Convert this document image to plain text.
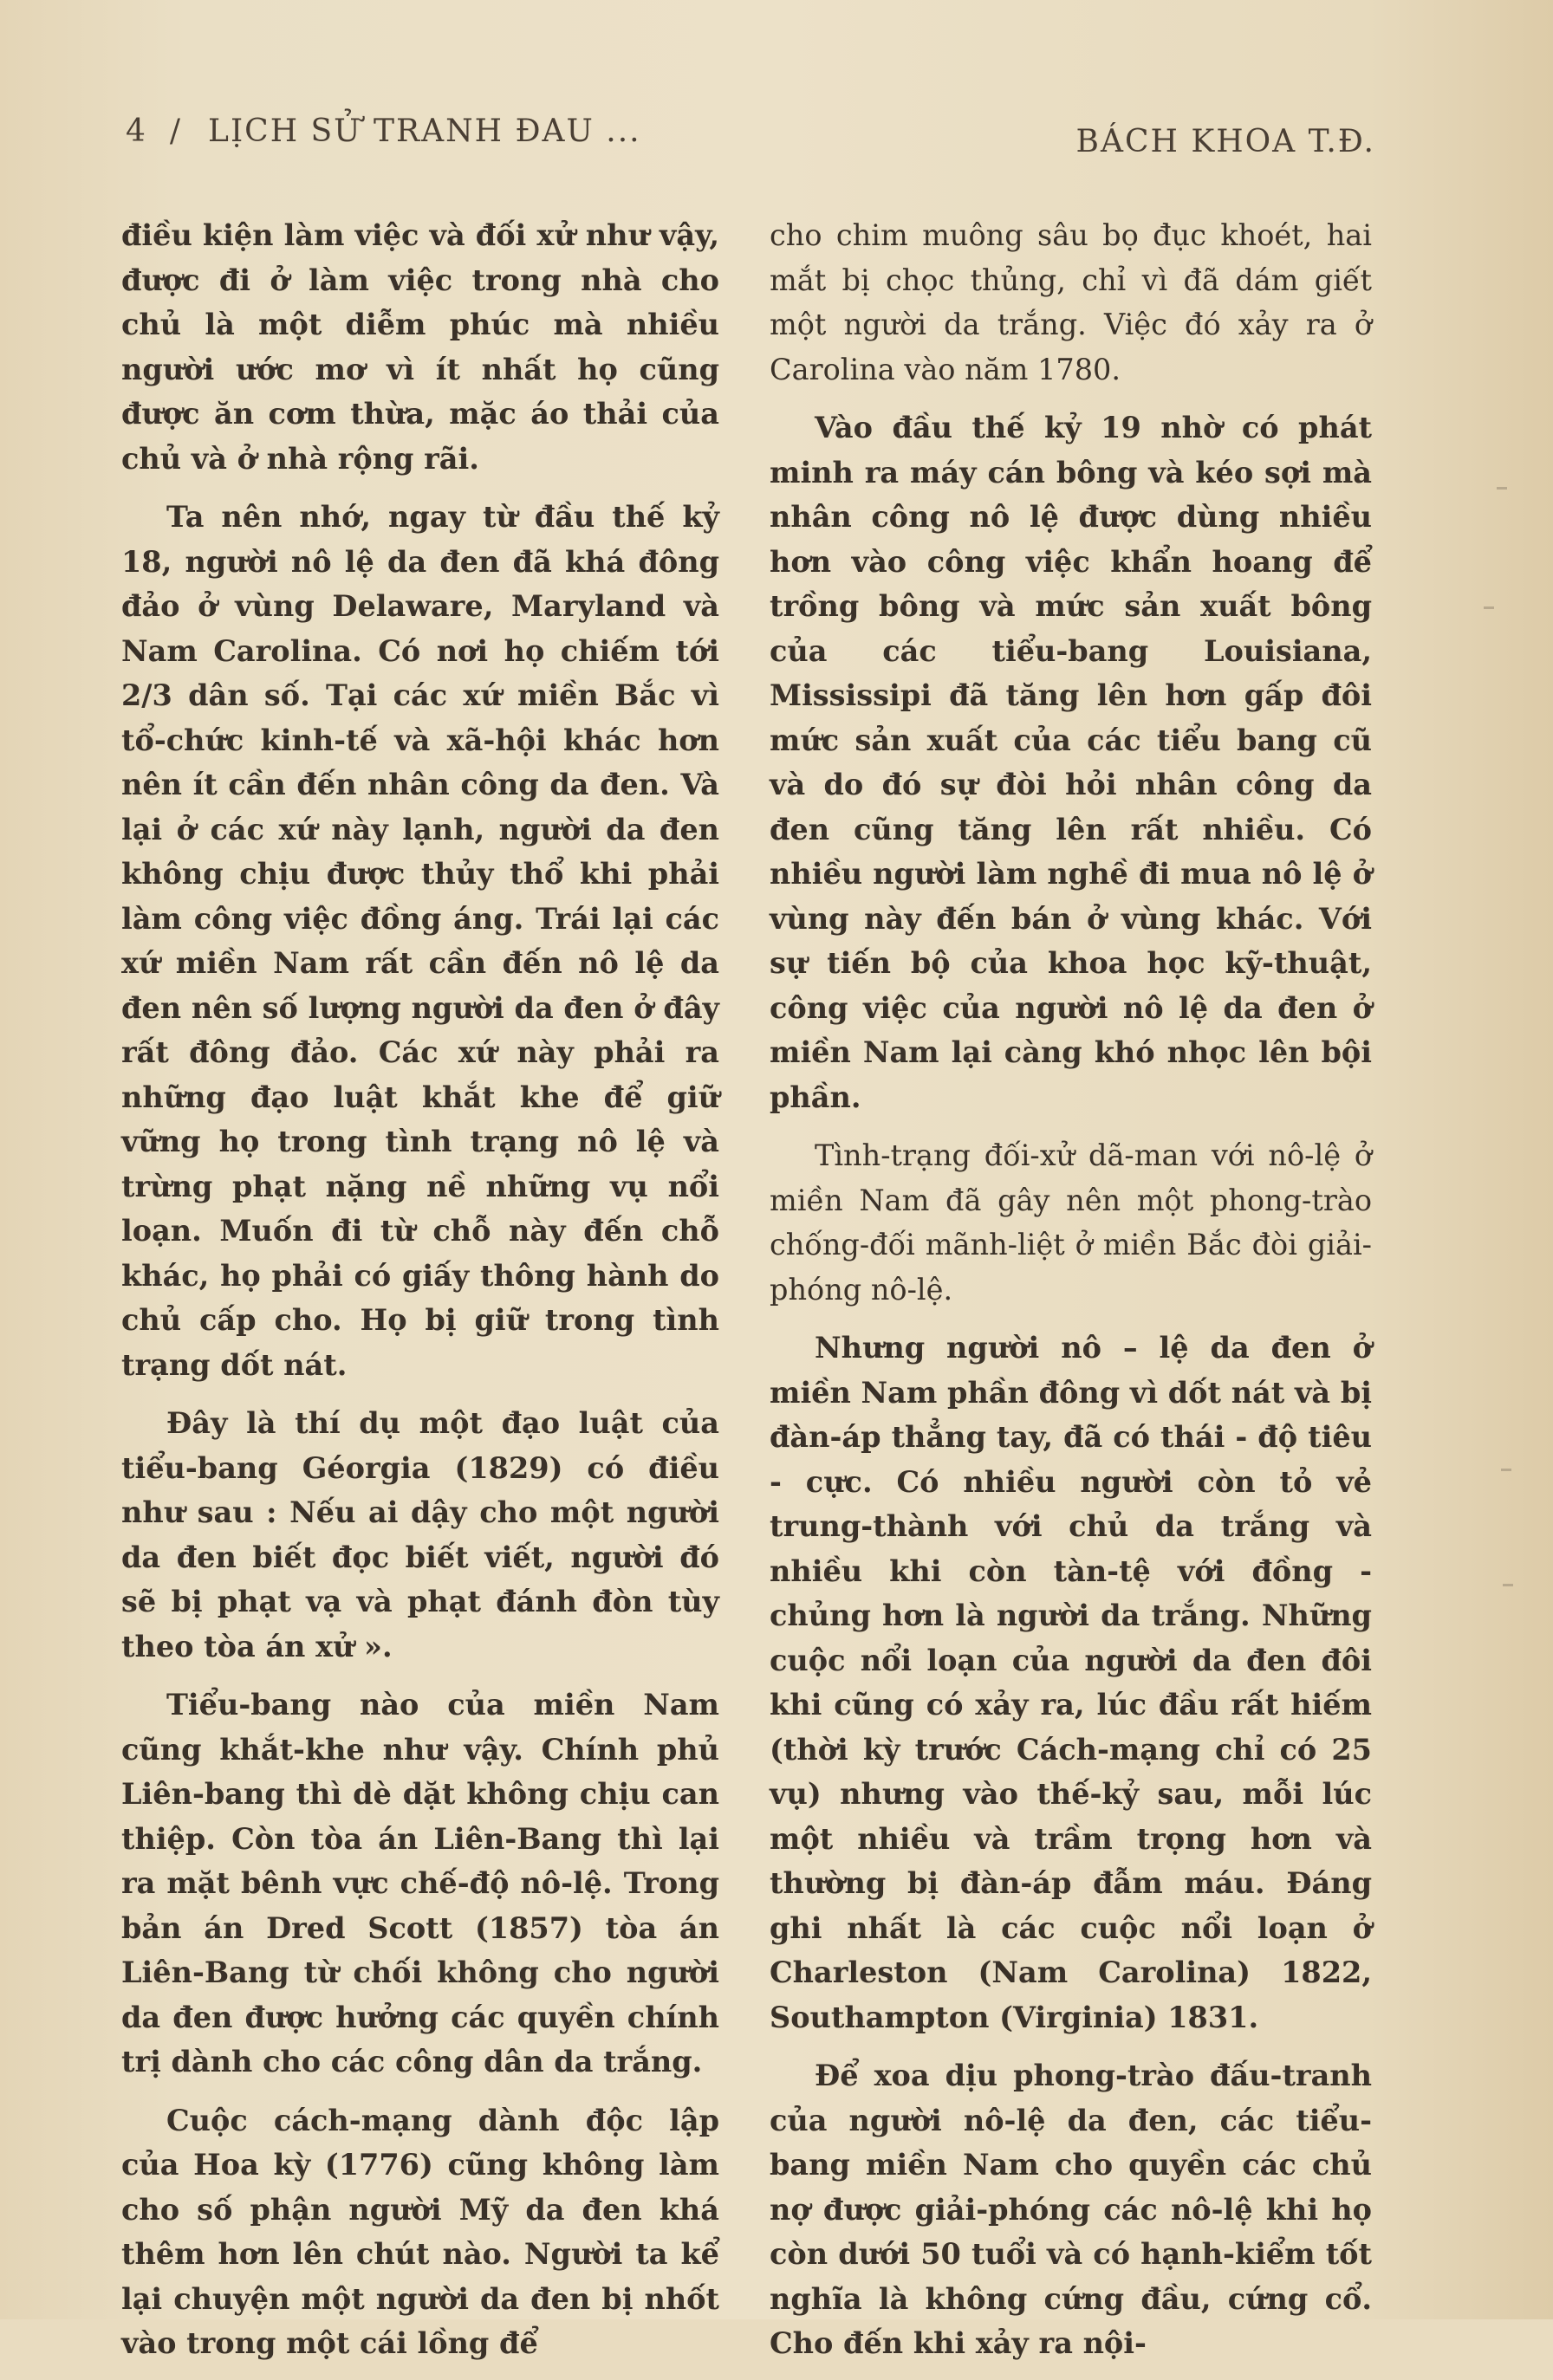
4 / LỊCH SỬ TRANH ĐAU ...	BÁCH KHOA T.Đ.

điều kiện làm việc và đối xử như vậy, được đi ở làm việc trong nhà cho chủ là một diễm phúc mà nhiều người ước mơ vì ít nhất họ cũng được ăn cơm thừa, mặc áo thải của chủ và ở nhà rộng rãi.

Ta nên nhớ, ngay từ đầu thế kỷ 18, người nô lệ da đen đã khá đông đảo ở vùng Delaware, Maryland và Nam Carolina. Có nơi họ chiếm tới 2/3 dân số. Tại các xứ miền Bắc vì tổ-chức kinh-tế và xã-hội khác hơn nên ít cần đến nhân công da đen. Và lại ở các xứ này lạnh, người da đen không chịu được thủy thổ khi phải làm công việc đồng áng. Trái lại các xứ miền Nam rất cần đến nô lệ da đen nên số lượng người da đen ở đây rất đông đảo. Các xứ này phải ra những đạo luật khắt khe để giữ vững họ trong tình trạng nô lệ và trừng phạt nặng nề những vụ nổi loạn. Muốn đi từ chỗ này đến chỗ khác, họ phải có giấy thông hành do chủ cấp cho. Họ bị giữ trong tình trạng dốt nát.

Đây là thí dụ một đạo luật của tiểu-bang Géorgia (1829) có điều như sau : Nếu ai dậy cho một người da đen biết đọc biết viết, người đó sẽ bị phạt vạ và phạt đánh đòn tùy theo tòa án xử ».

Tiểu-bang nào của miền Nam cũng khắt-khe như vậy. Chính phủ Liên-bang thì dè dặt không chịu can thiệp. Còn tòa án Liên-Bang thì lại ra mặt bênh vực chế-độ nô-lệ. Trong bản án Dred Scott (1857) tòa án Liên-Bang từ chối không cho người da đen được hưởng các quyền chính trị dành cho các công dân da trắng.

Cuộc cách-mạng dành độc lập của Hoa kỳ (1776) cũng không làm cho số phận người Mỹ da đen khá thêm hơn lên chút nào. Người ta kể lại chuyện một người da đen bị nhốt vào trong một cái lồng để

cho chim muông sâu bọ đục khoét, hai mắt bị chọc thủng, chỉ vì đã dám giết một người da trắng. Việc đó xảy ra ở Carolina vào năm 1780.

Vào đầu thế kỷ 19 nhờ có phát minh ra máy cán bông và kéo sợi mà nhân công nô lệ được dùng nhiều hơn vào công việc khẩn hoang để trồng bông và mức sản xuất bông của các tiểu-bang Louisiana, Mississipi đã tăng lên hơn gấp đôi mức sản xuất của các tiểu bang cũ và do đó sự đòi hỏi nhân công da đen cũng tăng lên rất nhiều. Có nhiều người làm nghề đi mua nô lệ ở vùng này đến bán ở vùng khác. Với sự tiến bộ của khoa học kỹ-thuật, công việc của người nô lệ da đen ở miền Nam lại càng khó nhọc lên bội phần.

Tình-trạng đối-xử dã-man với nô-lệ ở miền Nam đã gây nên một phong-trào chống-đối mãnh-liệt ở miền Bắc đòi giải-phóng nô-lệ.

Nhưng người nô – lệ da đen ở miền Nam phần đông vì dốt nát và bị đàn-áp thẳng tay, đã có thái - độ tiêu - cực. Có nhiều người còn tỏ vẻ trung-thành với chủ da trắng và nhiều khi còn tàn-tệ với đồng - chủng hơn là người da trắng. Những cuộc nổi loạn của người da đen đôi khi cũng có xảy ra, lúc đầu rất hiếm (thời kỳ trước Cách-mạng chỉ có 25 vụ) nhưng vào thế-kỷ sau, mỗi lúc một nhiều và trầm trọng hơn và thường bị đàn-áp đẫm máu. Đáng ghi nhất là các cuộc nổi loạn ở Charleston (Nam Carolina) 1822, Southampton (Virginia) 1831.

Để xoa dịu phong-trào đấu-tranh của người nô-lệ da đen, các tiểu-bang miền Nam cho quyền các chủ nợ được giải-phóng các nô-lệ khi họ còn dưới 50 tuổi và có hạnh-kiểm tốt nghĩa là không cứng đầu, cứng cổ. Cho đến khi xảy ra nội-
